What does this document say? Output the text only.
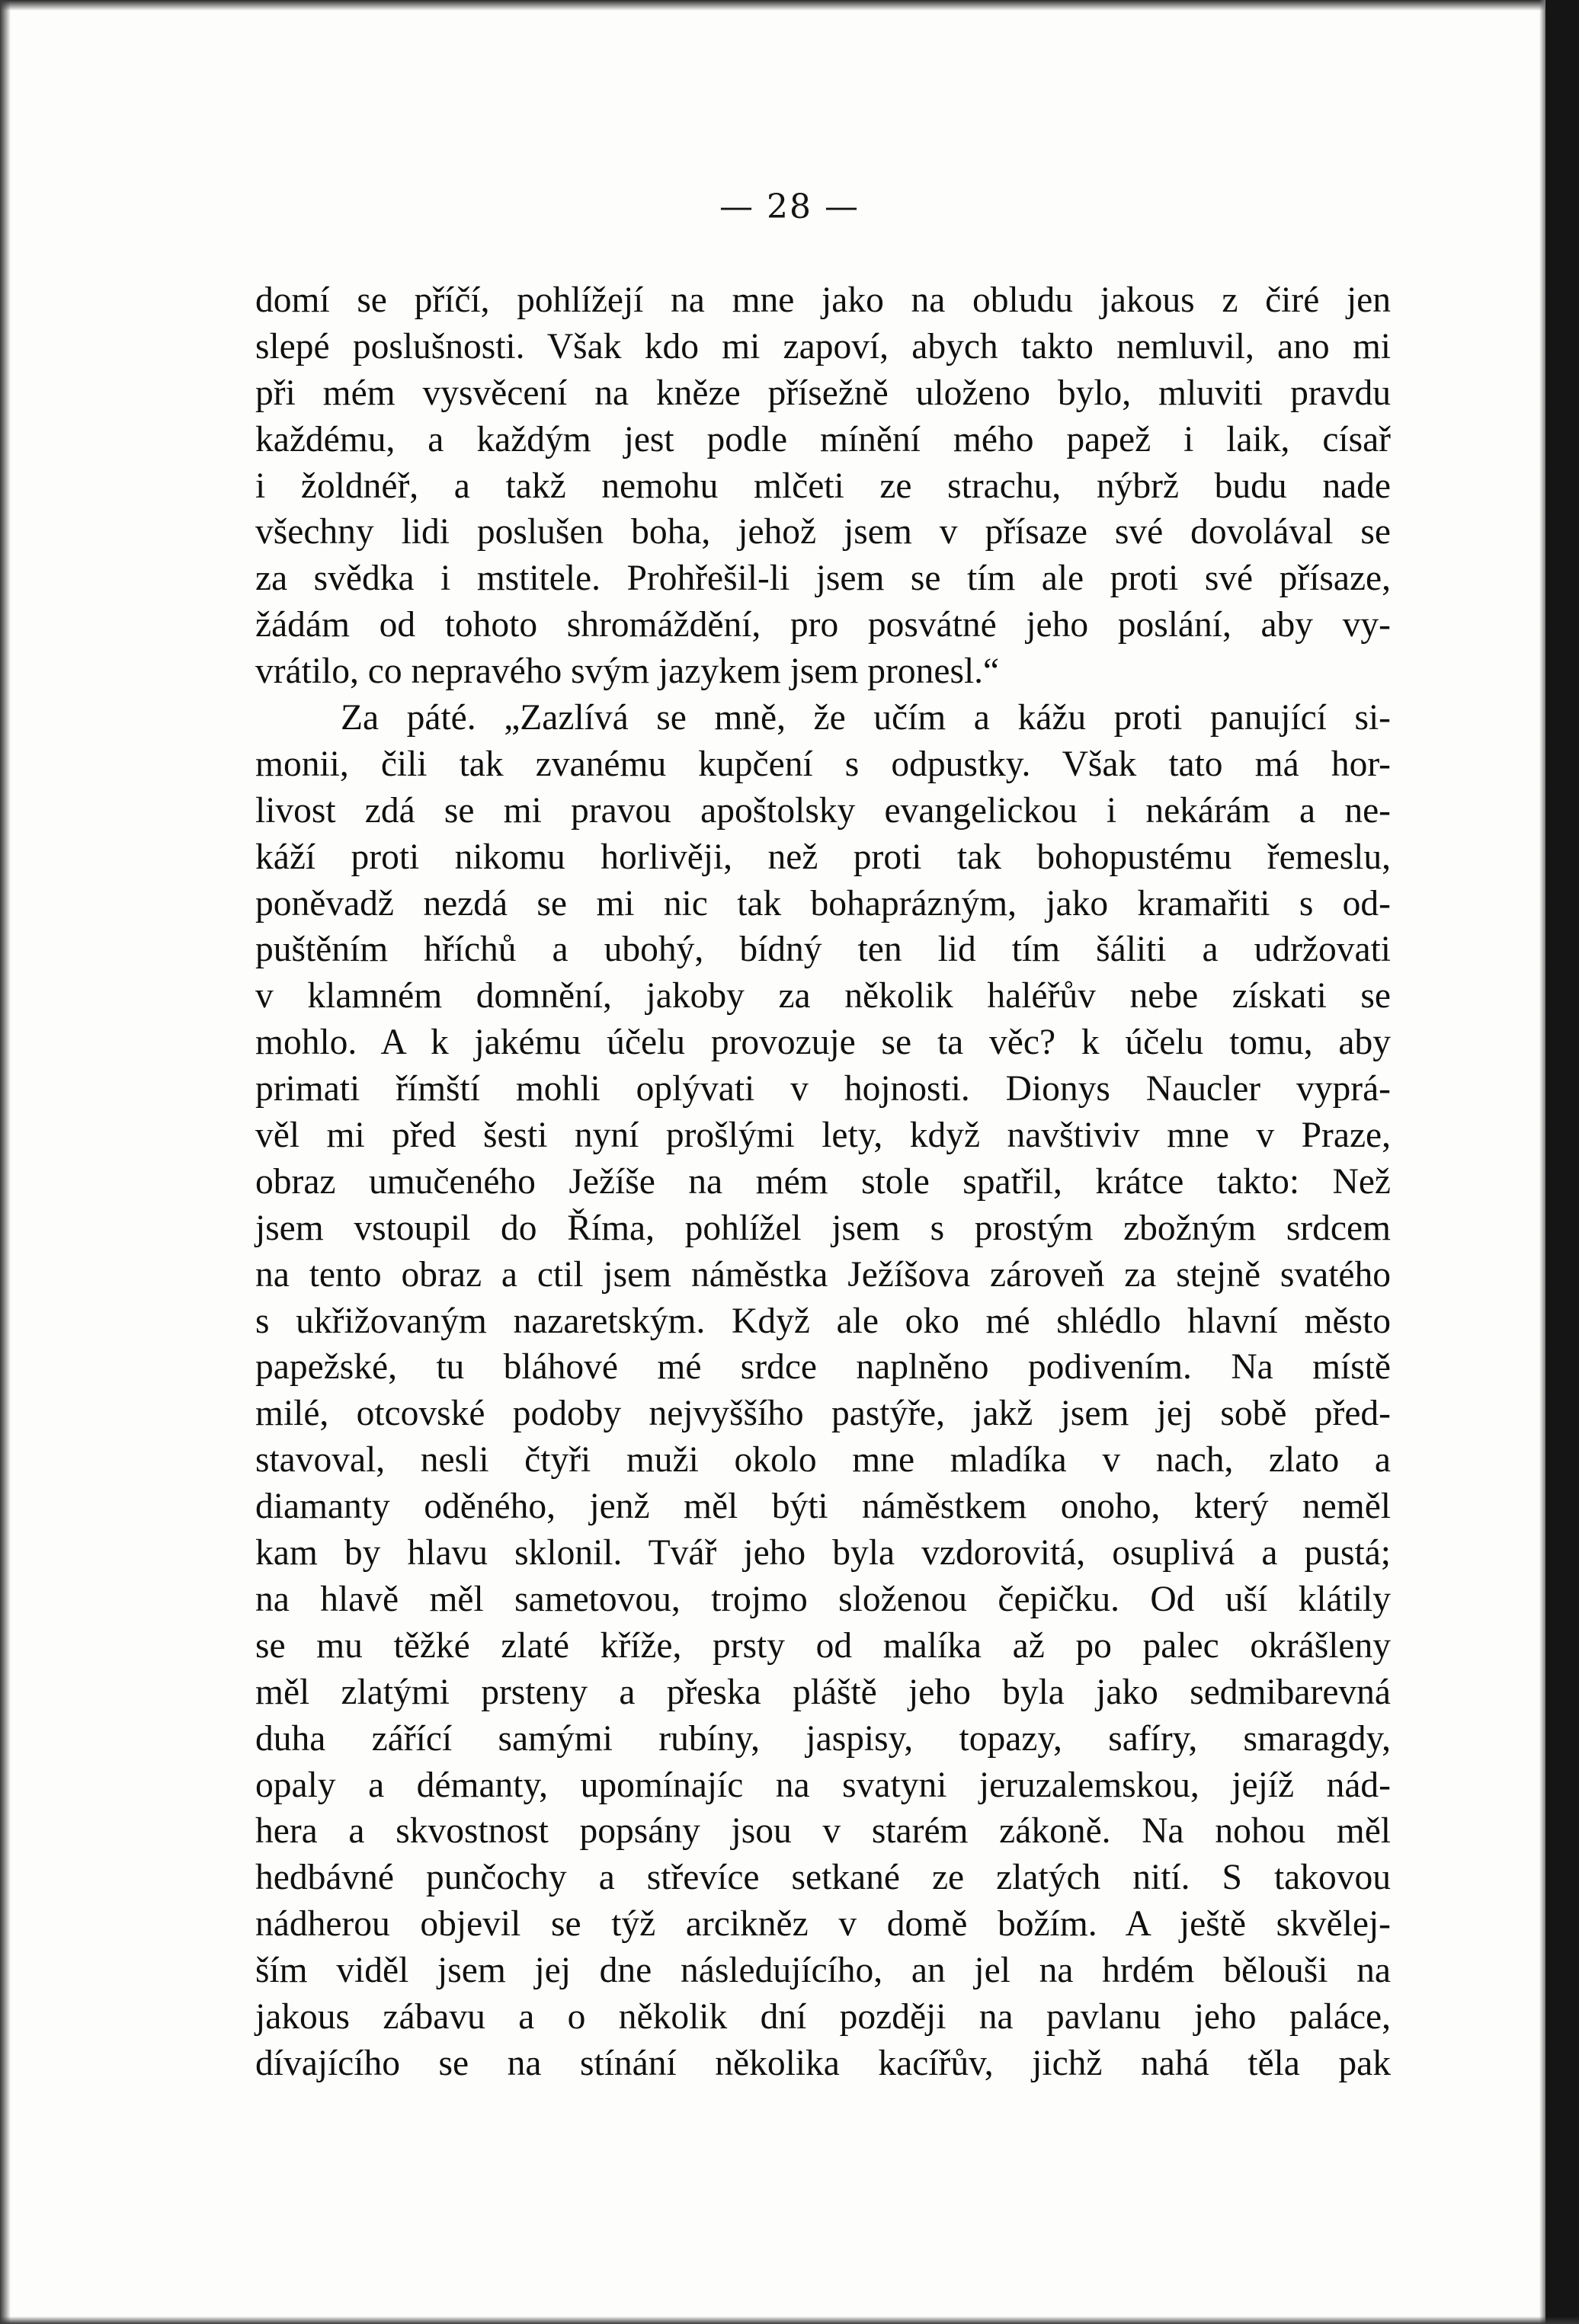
— 28 —
domí se příčí, pohlížejí na mne jako na obludu jakous z čiré jen
slepé poslušnosti. Však kdo mi zapoví, abych takto nemluvil, ano mi
při mém vysvěcení na kněze přísežně uloženo bylo, mluviti pravdu
každému, a každým jest podle mínění mého papež i laik, císař
i žoldnéř, a takž nemohu mlčeti ze strachu, nýbrž budu nade
všechny lidi poslušen boha, jehož jsem v přísaze své dovolával se
za svědka i mstitele. Prohřešil-li jsem se tím ale proti své přísaze,
žádám od tohoto shromáždění, pro posvátné jeho poslání, aby vy-
vrátilo, co nepravého svým jazykem jsem pronesl.“
Za páté. „Zazlívá se mně, že učím a kážu proti panující si-
monii, čili tak zvanému kupčení s odpustky. Však tato má hor-
livost zdá se mi pravou apoštolsky evangelickou i nekárám a ne-
káží proti nikomu horlivěji, než proti tak bohopustému řemeslu,
poněvadž nezdá se mi nic tak bohaprázným, jako kramařiti s od-
puštěním hříchů a ubohý, bídný ten lid tím šáliti a udržovati
v klamném domnění, jakoby za několik haléřův nebe získati se
mohlo. A k jakému účelu provozuje se ta věc? k účelu tomu, aby
primati římští mohli oplývati v hojnosti. Dionys Naucler vyprá-
věl mi před šesti nyní prošlými lety, když navštiviv mne v Praze,
obraz umučeného Ježíše na mém stole spatřil, krátce takto: Než
jsem vstoupil do Říma, pohlížel jsem s prostým zbožným srdcem
na tento obraz a ctil jsem náměstka Ježíšova zároveň za stejně svatého
s ukřižovaným nazaretským. Když ale oko mé shlédlo hlavní město
papežské, tu bláhové mé srdce naplněno podivením. Na místě
milé, otcovské podoby nejvyššího pastýře, jakž jsem jej sobě před-
stavoval, nesli čtyři muži okolo mne mladíka v nach, zlato a
diamanty oděného, jenž měl býti náměstkem onoho, který neměl
kam by hlavu sklonil. Tvář jeho byla vzdorovitá, osuplivá a pustá;
na hlavě měl sametovou, trojmo složenou čepičku. Od uší klátily
se mu těžké zlaté kříže, prsty od malíka až po palec okrášleny
měl zlatými prsteny a přeska pláště jeho byla jako sedmibarevná
duha zářící samými rubíny, jaspisy, topazy, safíry, smaragdy,
opaly a démanty, upomínajíc na svatyni jeruzalemskou, jejíž nád-
hera a skvostnost popsány jsou v starém zákoně. Na nohou měl
hedbávné punčochy a střevíce setkané ze zlatých nití. S takovou
nádherou objevil se týž arcikněz v domě božím. A ještě skvělej-
ším viděl jsem jej dne následujícího, an jel na hrdém bělouši na
jakous zábavu a o několik dní později na pavlanu jeho paláce,
dívajícího se na stínání několika kacířův, jichž nahá těla pak
